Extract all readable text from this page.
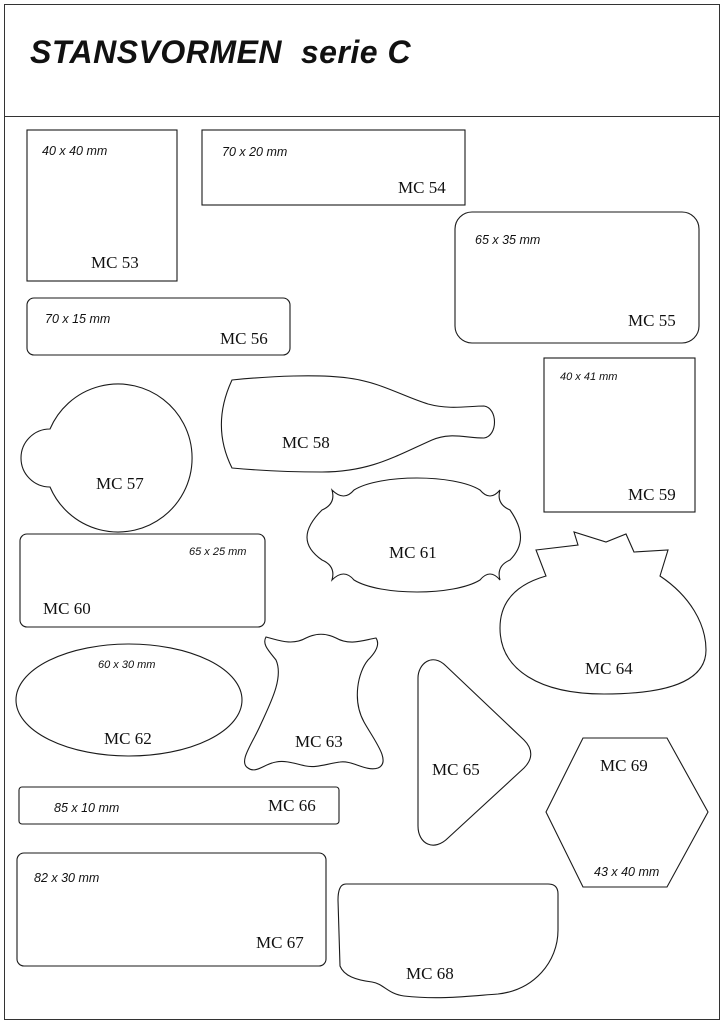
40 x 40 mm
MC 53
70 x 20 mm
MC 54
65 x 35 mm
MC 55
70 x 15 mm
MC 56
MC 57
MC 58
40 x 41 mm
MC 59
65 x 25 mm
MC 60
MC 61
60 x 30 mm
MC 62	MC 63
MC 64
MC 65
85 x 10 mm	MC 66
MC 69
43 x 40 mm
82 x 30 mm
MC 67
MC 68
STANSVORMEN  serie C
